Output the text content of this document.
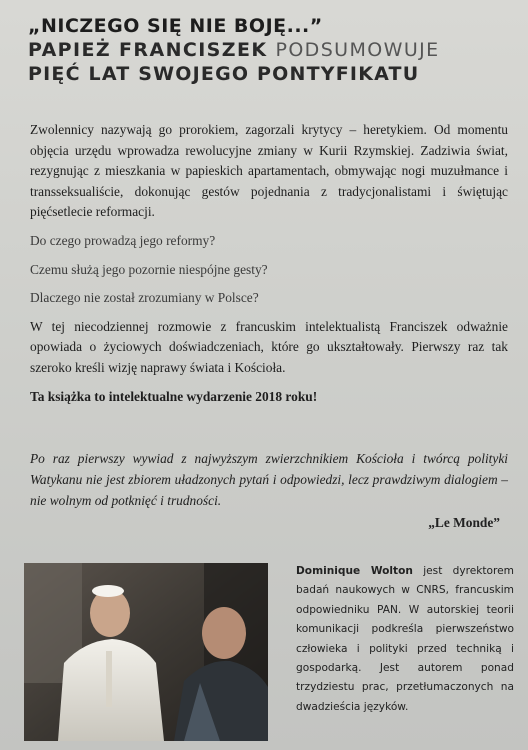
„NICZEGO SIĘ NIE BOJĘ...”
PAPIEŻ FRANCISZEK PODSUMOWUJE
PIĘĆ LAT SWOJEGO PONTYFIKATU

Zwolennicy nazywają go prorokiem, zagorzali krytycy – heretykiem. Od momentu objęcia urzędu wprowadza rewolucyjne zmiany w Kurii Rzymskiej. Zadziwia świat, rezygnując z mieszkania w papieskich apartamentach, obmywając nogi muzułmance i transseksualiście, dokonując gestów pojednania z tradycjonalistami i świętując pięćsetlecie reformacji.

Do czego prowadzą jego reformy?

Czemu służą jego pozornie niespójne gesty?

Dlaczego nie został zrozumiany w Polsce?

W tej niecodziennej rozmowie z francuskim intelektualistą Franciszek odważnie opowiada o życiowych doświadczeniach, które go ukształtowały. Pierwszy raz tak szeroko kreśli wizję naprawy świata i Kościoła.

Ta książka to intelektualne wydarzenie 2018 roku!

Po raz pierwszy wywiad z najwyższym zwierzchnikiem Kościoła i twórcą polityki Watykanu nie jest zbiorem uładzonych pytań i odpowiedzi, lecz prawdziwym dialogiem – nie wolnym od potknięć i trudności.
„Le Monde”
Dominique Wolton jest dyrektorem badań naukowych w CNRS, francuskim odpowiedniku PAN. W autorskiej teorii komunikacji podkreśla pierwszeństwo człowieka i polityki przed techniką i gospodarką. Jest autorem ponad trzydziestu prac, przetłumaczonych na dwadzieścia języków.
